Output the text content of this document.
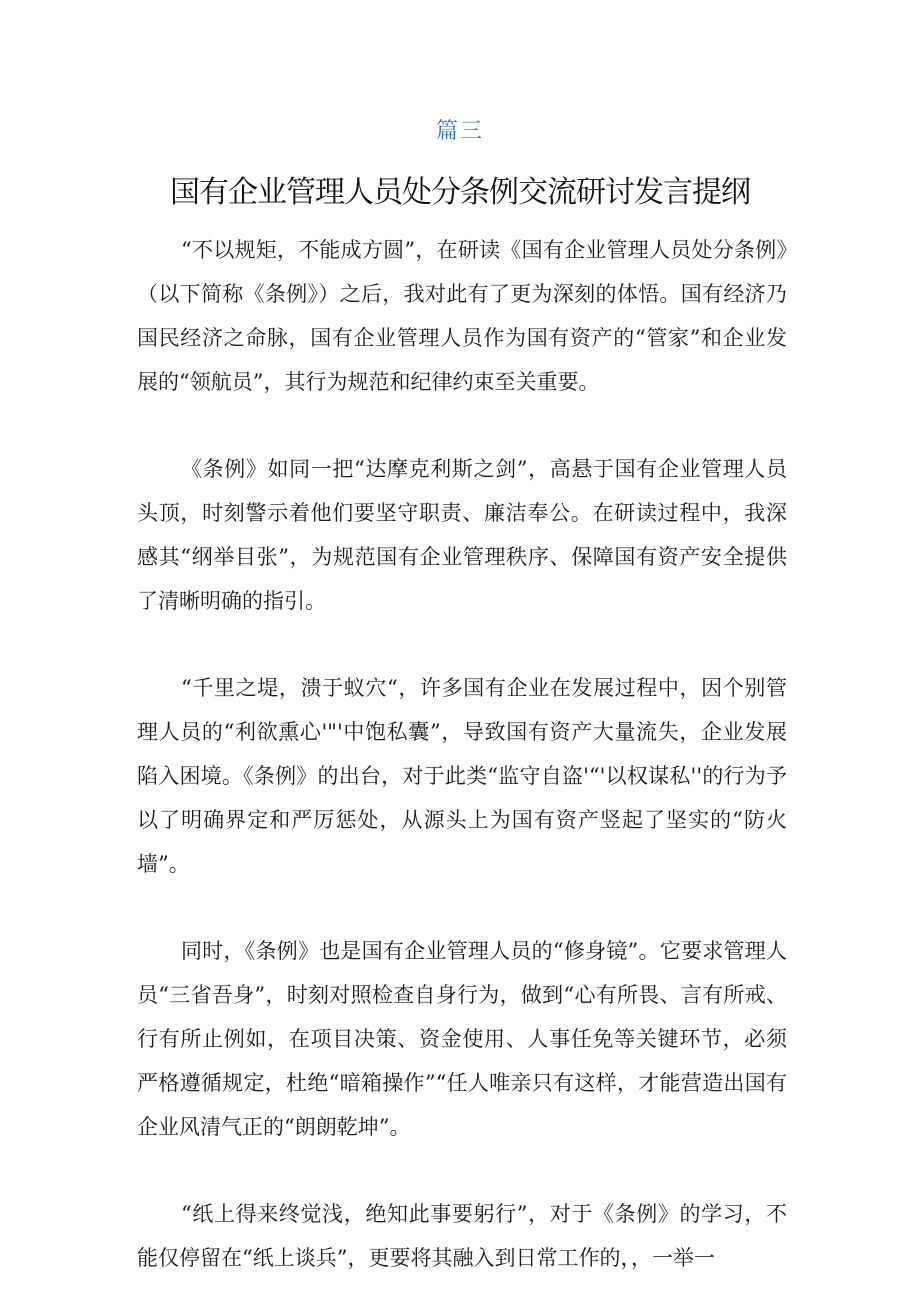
篇三
国有企业管理人员处分条例交流研讨发言提纲

“不以规矩，不能成方圆”，在研读《国有企业管理人员处分条例》（以下简称《条例》）之后，我对此有了更为深刻的体悟。国有经济乃国民经济之命脉，国有企业管理人员作为国有资产的“管家”和企业发展的“领航员”，其行为规范和纪律约束至关重要。

《条例》如同一把“达摩克利斯之剑”，高悬于国有企业管理人员头顶，时刻警示着他们要坚守职责、廉洁奉公。在研读过程中，我深感其“纲举目张”，为规范国有企业管理秩序、保障国有资产安全提供了清晰明确的指引。

“千里之堤，溃于蚁穴“，许多国有企业在发展过程中，因个别管理人员的“利欲熏心'"'中饱私囊”，导致国有资产大量流失，企业发展陷入困境。《条例》的出台，对于此类“监守自盗'“'以权谋私''的行为予以了明确界定和严厉惩处，从源头上为国有资产竖起了坚实的“防火墙”。

同时，《条例》也是国有企业管理人员的“修身镜”。它要求管理人员“三省吾身”，时刻对照检查自身行为，做到“心有所畏、言有所戒、行有所止例如，在项目决策、资金使用、人事任免等关键环节，必须严格遵循规定，杜绝“暗箱操作”“任人唯亲只有这样，才能营造出国有企业风清气正的“朗朗乾坤”。

“纸上得来终觉浅，绝知此事要躬行”，对于《条例》的学习，不能仅停留在“纸上谈兵”，更要将其融入到日常工作的，，一举一
